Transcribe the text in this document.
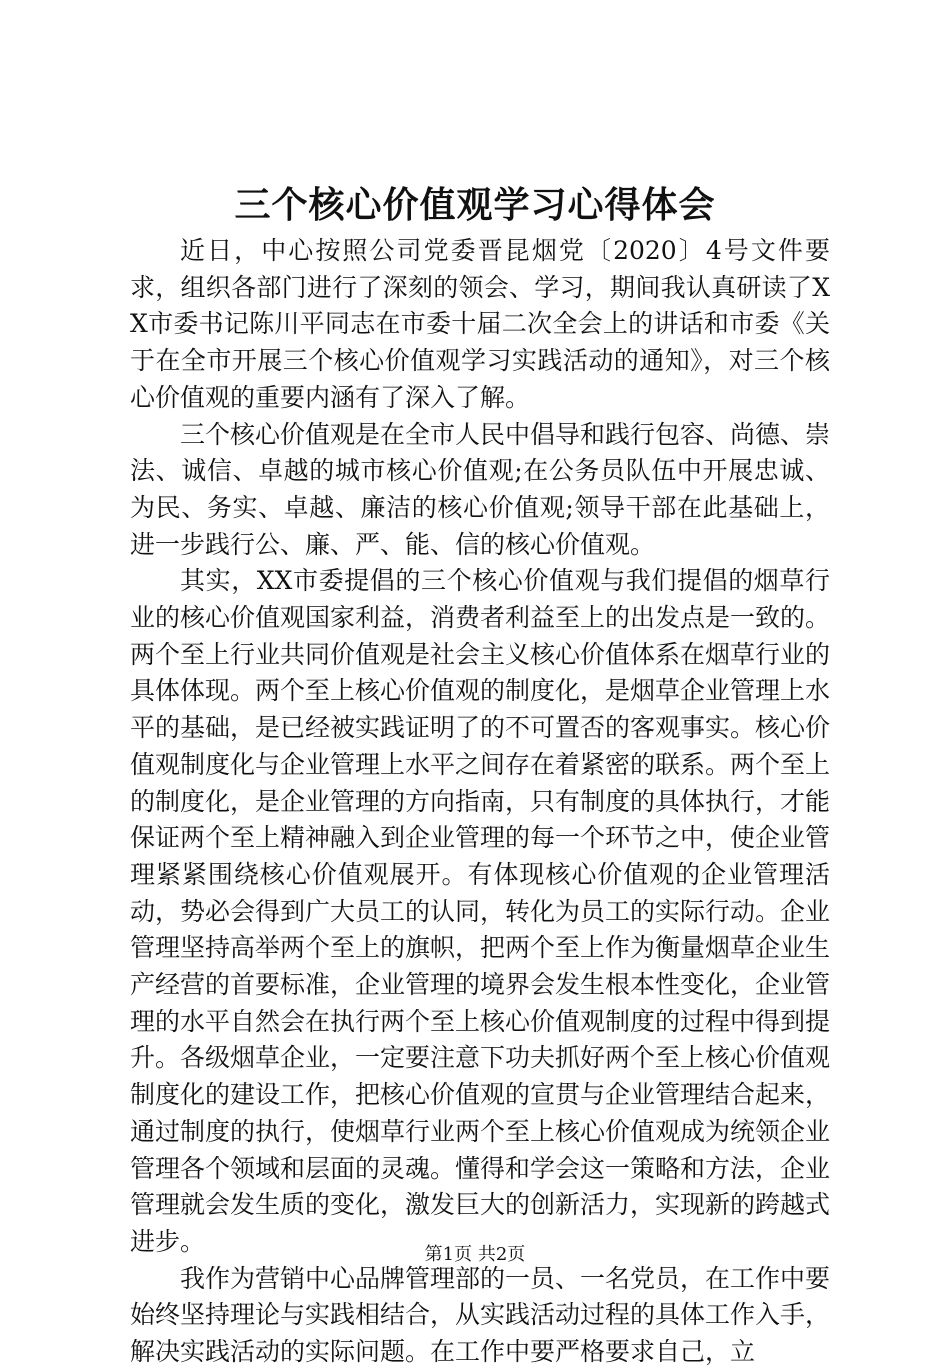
三个核心价值观学习心得体会

近日，中心按照公司党委晋昆烟党〔2020〕4号文件要求，组织各部门进行了深刻的领会、学习，期间我认真研读了XX市委书记陈川平同志在市委十届二次全会上的讲话和市委《关于在全市开展三个核心价值观学习实践活动的通知》，对三个核心价值观的重要内涵有了深入了解。

三个核心价值观是在全市人民中倡导和践行包容、尚德、崇法、诚信、卓越的城市核心价值观;在公务员队伍中开展忠诚、为民、务实、卓越、廉洁的核心价值观;领导干部在此基础上，进一步践行公、廉、严、能、信的核心价值观。

其实，XX市委提倡的三个核心价值观与我们提倡的烟草行业的核心价值观国家利益，消费者利益至上的出发点是一致的。两个至上行业共同价值观是社会主义核心价值体系在烟草行业的具体体现。两个至上核心价值观的制度化，是烟草企业管理上水平的基础，是已经被实践证明了的不可置否的客观事实。核心价值观制度化与企业管理上水平之间存在着紧密的联系。两个至上的制度化，是企业管理的方向指南，只有制度的具体执行，才能保证两个至上精神融入到企业管理的每一个环节之中，使企业管理紧紧围绕核心价值观展开。有体现核心价值观的企业管理活动，势必会得到广大员工的认同，转化为员工的实际行动。企业管理坚持高举两个至上的旗帜，把两个至上作为衡量烟草企业生产经营的首要标准，企业管理的境界会发生根本性变化，企业管理的水平自然会在执行两个至上核心价值观制度的过程中得到提升。各级烟草企业，一定要注意下功夫抓好两个至上核心价值观制度化的建设工作，把核心价值观的宣贯与企业管理结合起来，通过制度的执行，使烟草行业两个至上核心价值观成为统领企业管理各个领域和层面的灵魂。懂得和学会这一策略和方法，企业管理就会发生质的变化，激发巨大的创新活力，实现新的跨越式进步。

我作为营销中心品牌管理部的一员、一名党员，在工作中要始终坚持理论与实践相结合，从实践活动过程的具体工作入手，解决实践活动的实际问题。在工作中要严格要求自己，立

第1页 共2页
